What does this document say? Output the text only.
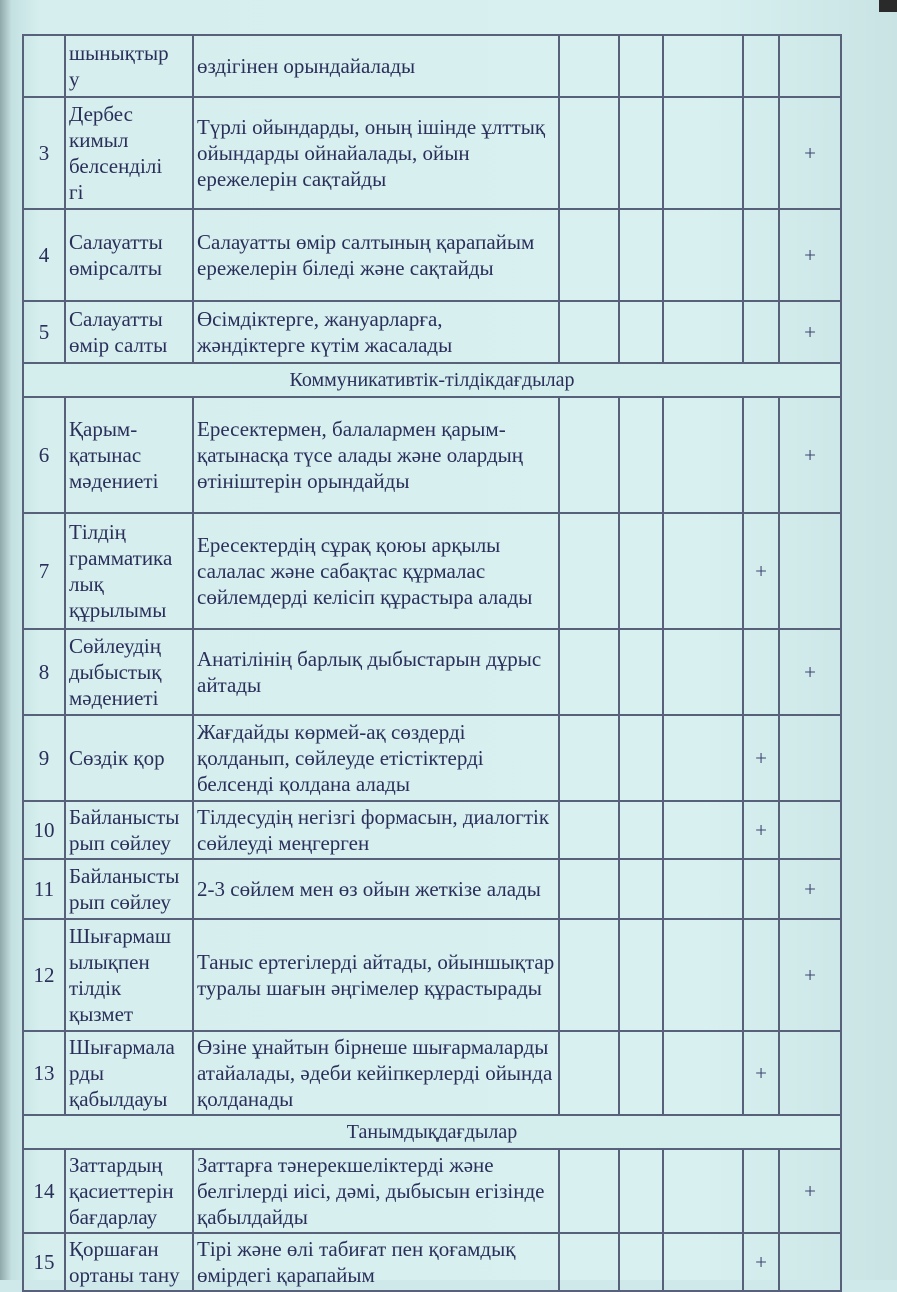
	шынықтыр
у	өздігінен орындайалады					
3	Дербес
кимыл
белсенділі
гі	Түрлі ойындарды, оның ішінде ұлттық ойындарды ойнайалады, ойын ережелерін сақтайды					+
4	Салауатты
өмірсалты	Салауатты өмір салтының қарапайым ережелерін біледі және сақтайды					+
5	Салауатты
өмір салты	Өсімдіктерге, жануарларға, жәндіктерге күтім жасалады					+
Коммуникативтік-тілдікдағдылар							
6	Қарым-
қатынас
мәдениеті	Ересектермен, балалармен қарым-қатынасқа түсе алады және олардың өтініштерін орындайды					+
7	Тілдің
грамматика
лық
құрылымы	Ересектердің сұрақ қоюы арқылы салалас және сабақтас құрмалас сөйлемдерді келісіп құрастыра алады				+	
8	Сөйлеудің
дыбыстық
мәдениеті	Анатілінің барлық дыбыстарын дұрыс айтады					+
9	Сөздік қор	Жағдайды көрмей-ақ сөздерді қолданып, сөйлеуде етістіктерді белсенді қолдана алады				+	
10	Байланысты
рып сөйлеу	Тілдесудің негізгі формасын, диалогтік сөйлеуді меңгерген				+	
11	Байланысты
рып сөйлеу	2-3 сөйлем мен өз ойын жеткізе алады					+
12	Шығармаш
ылықпен
тілдік
қызмет	Таныс ертегілерді айтады, ойыншықтар туралы шағын әңгімелер құрастырады					+
13	Шығармала
рды
қабылдауы	Өзіне ұнайтын бірнеше шығармаларды атайалады, әдеби кейіпкерлерді ойында қолданады				+	
Танымдықдағдылар							
14	Заттардың
қасиеттерін
бағдарлау	Заттарға тәнерекшеліктерді және белгілерді иісі, дәмі, дыбысын егізінде қабылдайды					+
15	Қоршаған
ортаны тану	Тірі және өлі табиғат пен қоғамдық өмірдегі қарапайым				+	
